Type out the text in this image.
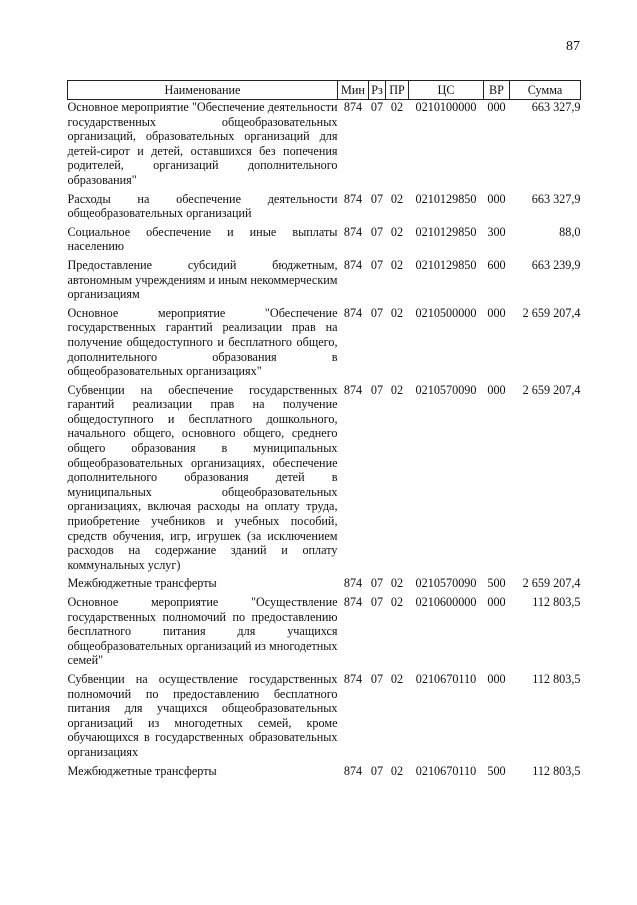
87
Наименование	Мин	Рз	ПР	ЦС	ВР	Сумма
Основное мероприятие "Обеспечение деятельности государственных общеобразовательных организаций, образовательных организаций для детей-сирот и детей, оставшихся без попечения родителей, организаций дополнительного образования"	874	07	02	0210100000	000	663 327,9
Расходы на обеспечение деятельности общеобразовательных организаций	874	07	02	0210129850	000	663 327,9
Социальное обеспечение и иные выплаты населению	874	07	02	0210129850	300	88,0
Предоставление субсидий бюджетным, автономным учреждениям и иным некоммерческим организациям	874	07	02	0210129850	600	663 239,9
Основное мероприятие "Обеспечение государственных гарантий реализации прав на получение общедоступного и бесплатного общего, дополнительного образования в общеобразовательных организациях"	874	07	02	0210500000	000	2 659 207,4
Субвенции на обеспечение государственных гарантий реализации прав на получение общедоступного и бесплатного дошкольного, начального общего, основного общего, среднего общего образования в муниципальных общеобразовательных организациях, обеспечение дополнительного образования детей в муниципальных общеобразовательных организациях, включая расходы на оплату труда, приобретение учебников и учебных пособий, средств обучения, игр, игрушек (за исключением расходов на содержание зданий и оплату коммунальных услуг)	874	07	02	0210570090	000	2 659 207,4
Межбюджетные трансферты	874	07	02	0210570090	500	2 659 207,4
Основное мероприятие "Осуществление государственных полномочий по предоставлению бесплатного питания для учащихся общеобразовательных организаций из многодетных семей"	874	07	02	0210600000	000	112 803,5
Субвенции на осуществление государственных полномочий по предоставлению бесплатного питания для учащихся общеобразовательных организаций из многодетных семей, кроме обучающихся в государственных образовательных организациях	874	07	02	0210670110	000	112 803,5
Межбюджетные трансферты	874	07	02	0210670110	500	112 803,5
